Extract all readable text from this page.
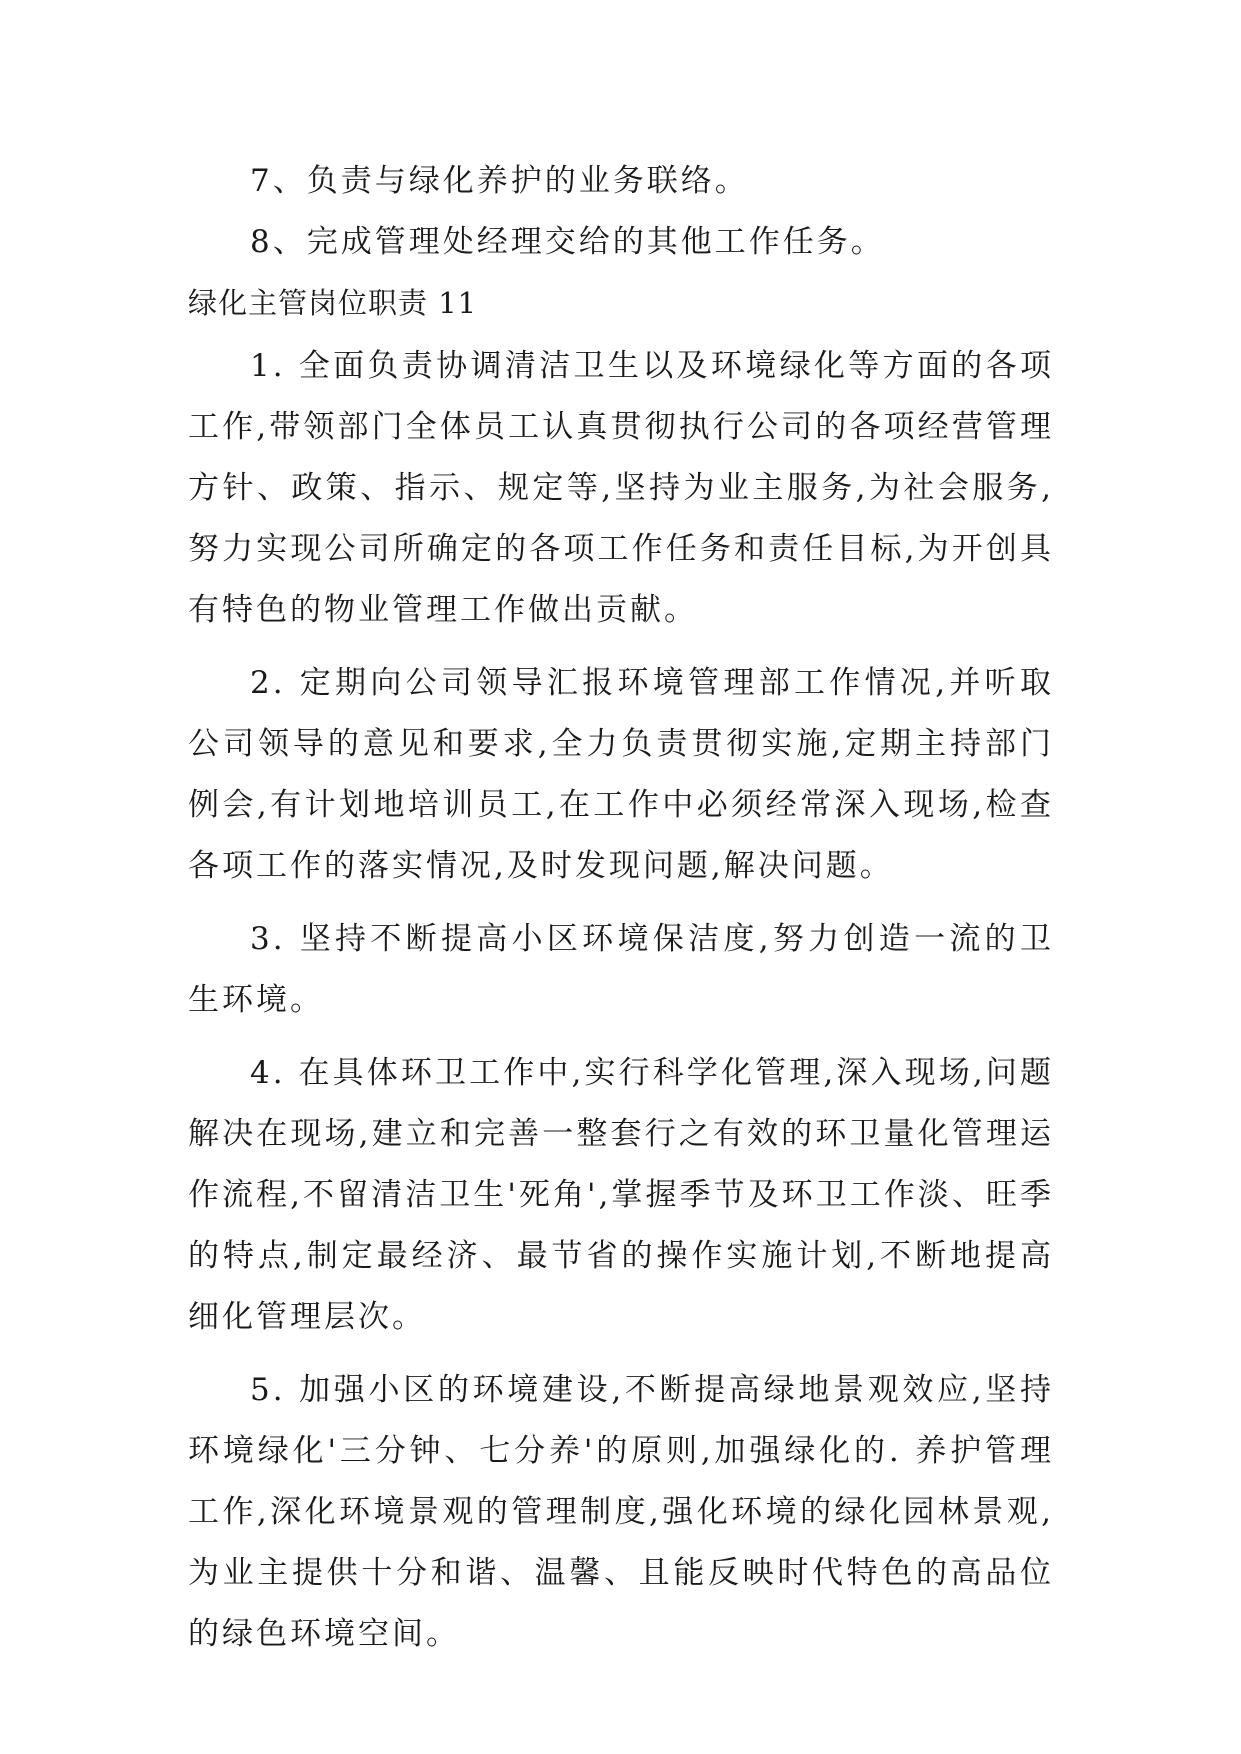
7、负责与绿化养护的业务联络。

8、完成管理处经理交给的其他工作任务。

绿化主管岗位职责 11

1. 全面负责协调清洁卫生以及环境绿化等方面的各项工作,带领部门全体员工认真贯彻执行公司的各项经营管理方针、政策、指示、规定等,坚持为业主服务,为社会服务,努力实现公司所确定的各项工作任务和责任目标,为开创具有特色的物业管理工作做出贡献。

2. 定期向公司领导汇报环境管理部工作情况,并听取公司领导的意见和要求,全力负责贯彻实施,定期主持部门例会,有计划地培训员工,在工作中必须经常深入现场,检查各项工作的落实情况,及时发现问题,解决问题。

3. 坚持不断提高小区环境保洁度,努力创造一流的卫生环境。

4. 在具体环卫工作中,实行科学化管理,深入现场,问题解决在现场,建立和完善一整套行之有效的环卫量化管理运作流程,不留清洁卫生'死角',掌握季节及环卫工作淡、旺季的特点,制定最经济、最节省的操作实施计划,不断地提高细化管理层次。

5. 加强小区的环境建设,不断提高绿地景观效应,坚持环境绿化'三分钟、七分养'的原则,加强绿化的. 养护管理工作,深化环境景观的管理制度,强化环境的绿化园林景观,为业主提供十分和谐、温馨、且能反映时代特色的高品位的绿色环境空间。
